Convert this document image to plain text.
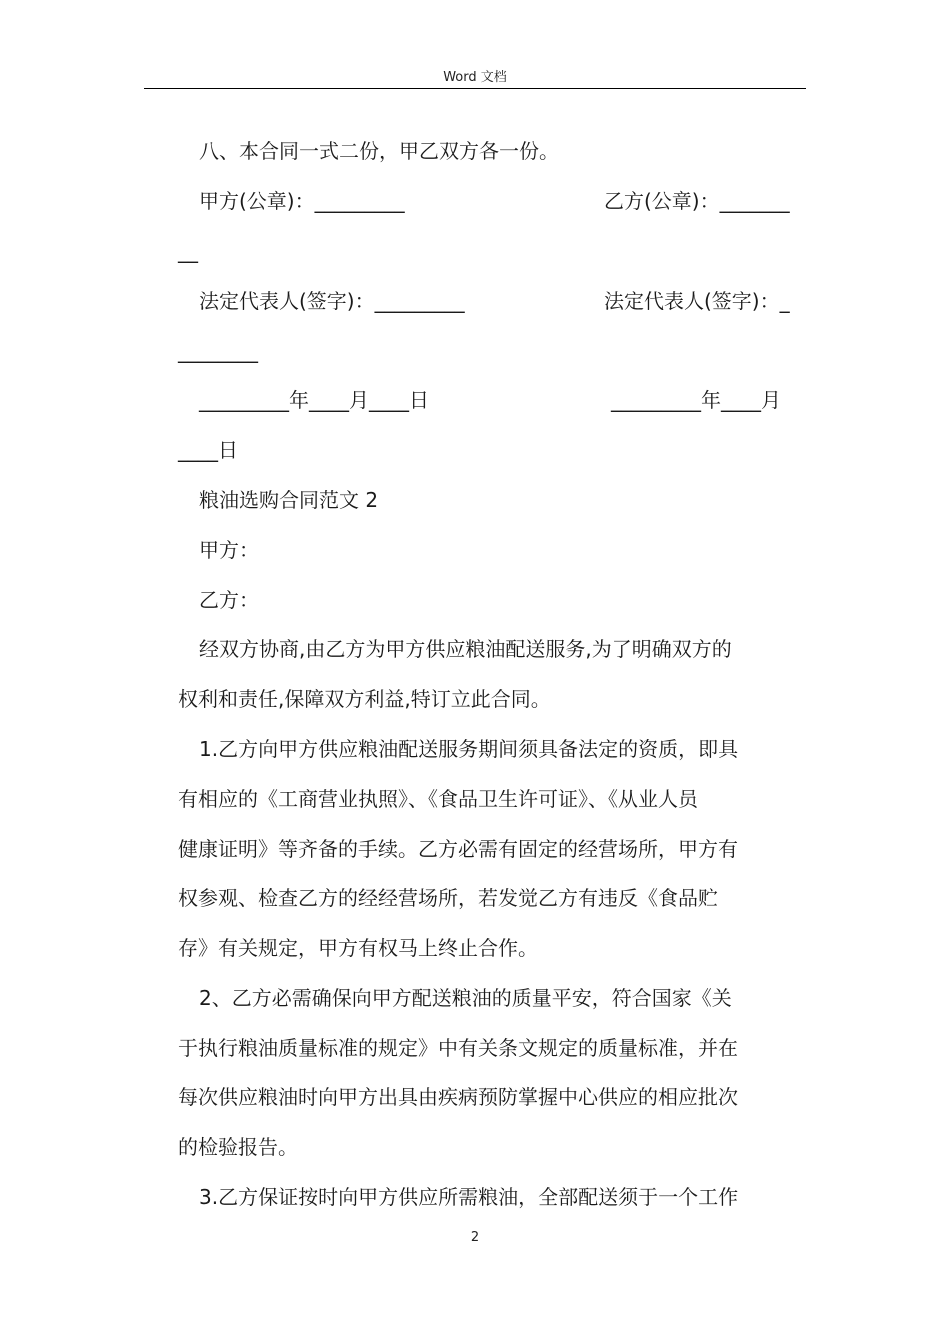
Word 文档
八、本合同一式二份，甲乙双方各一份。
甲方(公章)：_________	乙方(公章)：_______
__
法定代表人(签字)：_________	法定代表人(签字)：_
________
_________年____月____日	_________年____月
____日
粮油选购合同范文 2
甲方：
乙方：
经双方协商,由乙方为甲方供应粮油配送服务,为了明确双方的
权利和责任,保障双方利益,特订立此合同。
1.乙方向甲方供应粮油配送服务期间须具备法定的资质，即具
有相应的《工商营业执照》、《食品卫生许可证》、《从业人员
健康证明》等齐备的手续。乙方必需有固定的经营场所，甲方有
权参观、检查乙方的经经营场所，若发觉乙方有违反《食品贮
存》有关规定，甲方有权马上终止合作。
2、乙方必需确保向甲方配送粮油的质量平安，符合国家《关
于执行粮油质量标准的规定》中有关条文规定的质量标准，并在
每次供应粮油时向甲方出具由疾病预防掌握中心供应的相应批次
的检验报告。
3.乙方保证按时向甲方供应所需粮油，全部配送须于一个工作
2
